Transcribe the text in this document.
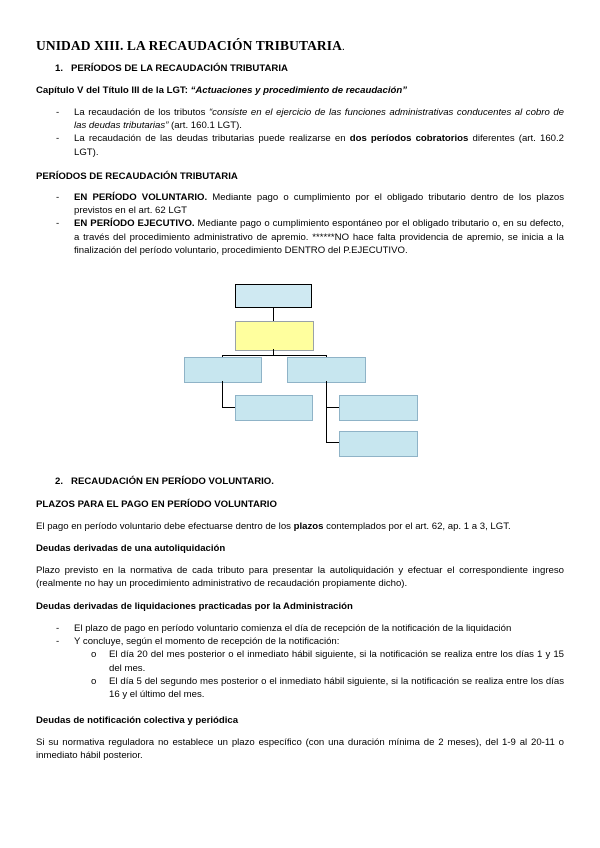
UNIDAD XIII. LA RECAUDACIÓN TRIBUTARIA.
1. PERÍODOS DE LA RECAUDACIÓN TRIBUTARIA
Capítulo V del Título III de la LGT: “Actuaciones y procedimiento de recaudación”
- La recaudación de los tributos “consiste en el ejercicio de las funciones administrativas conducentes al cobro de las deudas tributarias” (art. 160.1 LGT).
- La recaudación de las deudas tributarias puede realizarse en dos períodos cobratorios diferentes (art. 160.2 LGT).
PERÍODOS DE RECAUDACIÓN TRIBUTARIA
- EN PERÍODO VOLUNTARIO. Mediante pago o cumplimiento por el obligado tributario dentro de los plazos previstos en el art. 62 LGT
- EN PERÍODO EJECUTIVO. Mediante pago o cumplimiento espontáneo por el obligado tributario o, en su defecto, a través del procedimiento administrativo de apremio. ******NO hace falta providencia de apremio, se inicia a la finalización del período voluntario, procedimiento DENTRO del P.EJECUTIVO.
2. RECAUDACIÓN EN PERÍODO VOLUNTARIO.
PLAZOS PARA EL PAGO EN PERÍODO VOLUNTARIO
El pago en período voluntario debe efectuarse dentro de los plazos contemplados por el art. 62, ap. 1 a 3, LGT.
Deudas derivadas de una autoliquidación
Plazo previsto en la normativa de cada tributo para presentar la autoliquidación y efectuar el correspondiente ingreso (realmente no hay un procedimiento administrativo de recaudación propiamente dicho).
Deudas derivadas de liquidaciones practicadas por la Administración
- El plazo de pago en período voluntario comienza el día de recepción de la notificación de la liquidación
- Y concluye, según el momento de recepción de la notificación:
o El día 20 del mes posterior o el inmediato hábil siguiente, si la notificación se realiza entre los días 1 y 15 del mes.
o El día 5 del segundo mes posterior o el inmediato hábil siguiente, si la notificación se realiza entre los días 16 y el último del mes.
Deudas de notificación colectiva y periódica
Si su normativa reguladora no establece un plazo específico (con una duración mínima de 2 meses), del 1-9 al 20-11 o inmediato hábil posterior.
